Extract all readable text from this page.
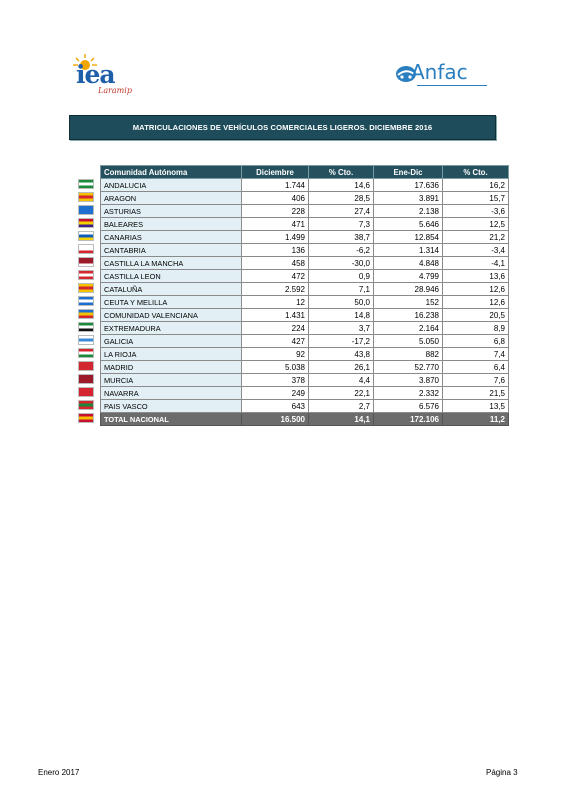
iea
Laramip
Anfac
MATRICULACIONES DE VEHÍCULOS COMERCIALES LIGEROS. DICIEMBRE 2016
Comunidad Autónoma	Diciembre	% Cto.	Ene-Dic	% Cto.
ANDALUCIA	1.744	14,6	17.636	16,2
ARAGON	406	28,5	3.891	15,7
ASTURIAS	228	27,4	2.138	-3,6
BALEARES	471	7,3	5.646	12,5
CANARIAS	1.499	38,7	12.854	21,2
CANTABRIA	136	-6,2	1.314	-3,4
CASTILLA LA MANCHA	458	-30,0	4.848	-4,1
CASTILLA LEON	472	0,9	4.799	13,6
CATALUÑA	2.592	7,1	28.946	12,6
CEUTA Y MELILLA	12	50,0	152	12,6
COMUNIDAD VALENCIANA	1.431	14,8	16.238	20,5
EXTREMADURA	224	3,7	2.164	8,9
GALICIA	427	-17,2	5.050	6,8
LA RIOJA	92	43,8	882	7,4
MADRID	5.038	26,1	52.770	6,4
MURCIA	378	4,4	3.870	7,6
NAVARRA	249	22,1	2.332	21,5
PAIS VASCO	643	2,7	6.576	13,5
TOTAL NACIONAL	16.500	14,1	172.106	11,2
Enero 2017	Página 3
